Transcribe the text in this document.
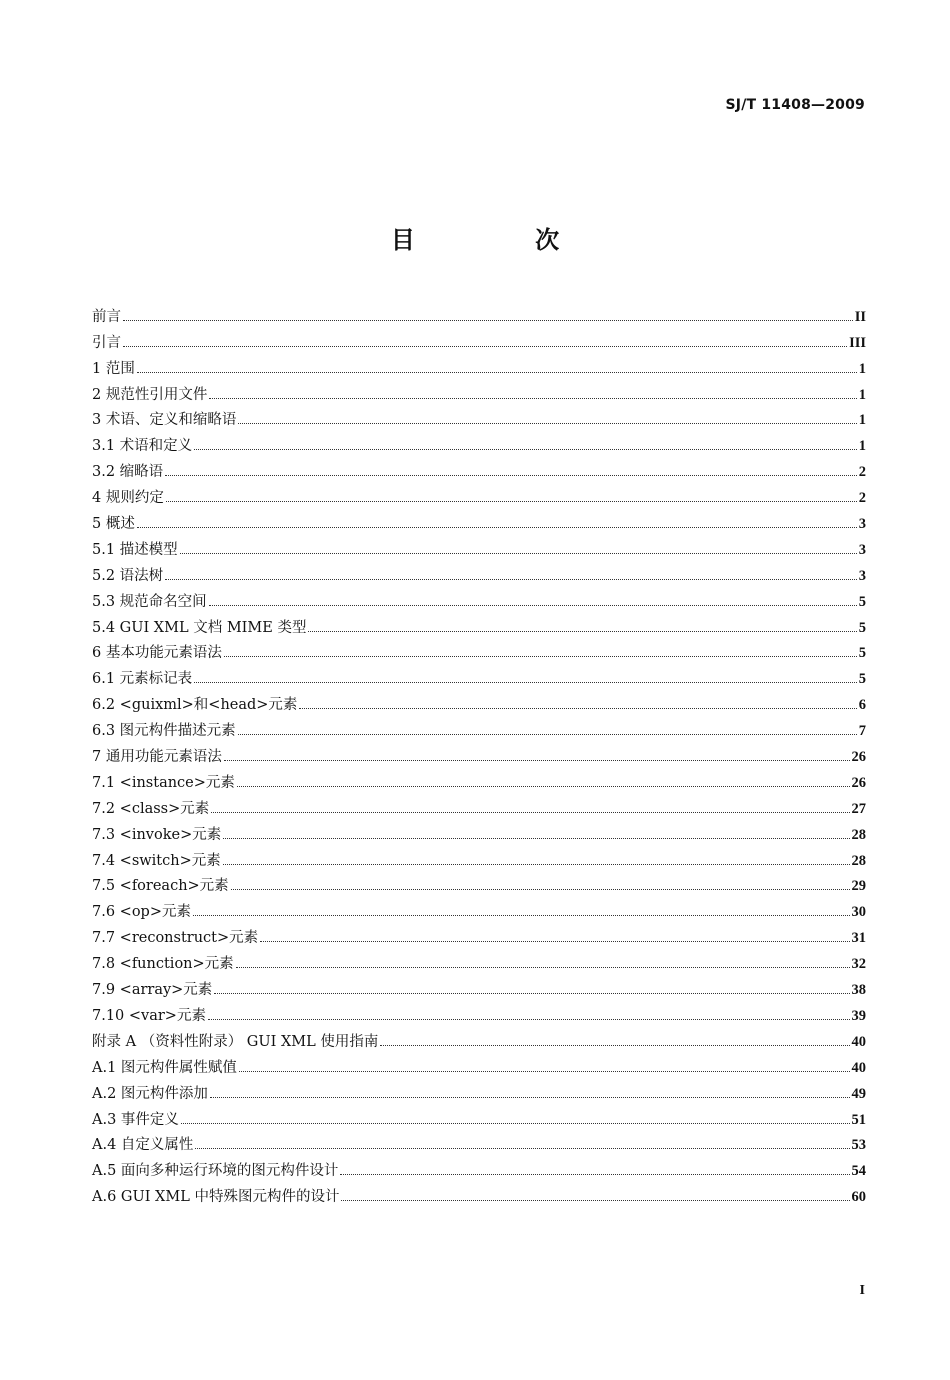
SJ/T 11408—2009
目 次
前言	II
引言	III
1 范围	1
2 规范性引用文件	1
3 术语、定义和缩略语	1
3.1 术语和定义	1
3.2 缩略语	2
4 规则约定	2
5 概述	3
5.1 描述模型	3
5.2 语法树	3
5.3 规范命名空间	5
5.4 GUI XML 文档 MIME 类型	5
6 基本功能元素语法	5
6.1 元素标记表	5
6.2 <guixml>和<head>元素	6
6.3 图元构件描述元素	7
7 通用功能元素语法	26
7.1 <instance>元素	26
7.2 <class>元素	27
7.3 <invoke>元素	28
7.4 <switch>元素	28
7.5 <foreach>元素	29
7.6 <op>元素	30
7.7 <reconstruct>元素	31
7.8 <function>元素	32
7.9 <array>元素	38
7.10 <var>元素	39
附录 A （资料性附录） GUI XML 使用指南	40
A.1 图元构件属性赋值	40
A.2 图元构件添加	49
A.3 事件定义	51
A.4 自定义属性	53
A.5 面向多种运行环境的图元构件设计	54
A.6 GUI XML 中特殊图元构件的设计	60
I
